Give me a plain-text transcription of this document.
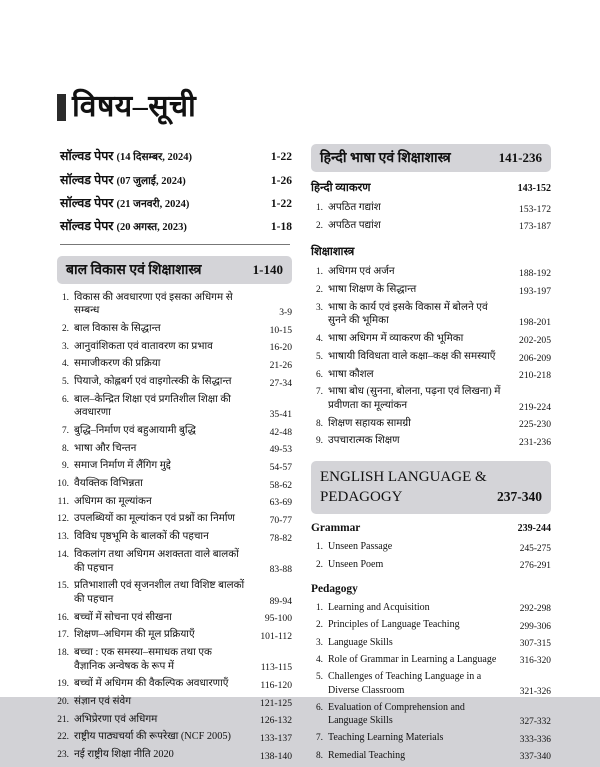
विषय–सूची
सॉल्वड पेपर (14 दिसम्बर, 2024)	1-22
सॉल्वड पेपर (07 जुलाई, 2024)	1-26
सॉल्वड पेपर (21 जनवरी, 2024)	1-22
सॉल्वड पेपर (20 अगस्त, 2023)	1-18
बाल विकास एवं शिक्षाशास्त्र	1-140
1. विकास की अवधारणा एवं इसका अधिगम से सम्बन्ध	3-9
2. बाल विकास के सिद्धान्त	10-15
3. आनुवांशिकता एवं वातावरण का प्रभाव	16-20
4. समाजीकरण की प्रक्रिया	21-26
5. पियाजे, कोह्लबर्ग एवं वाइगोत्स्की के सिद्धान्त	27-34
6. बाल–केन्द्रित शिक्षा एवं प्रगतिशील शिक्षा की अवधारणा	35-41
7. बुद्धि–निर्माण एवं बहुआयामी बुद्धि	42-48
8. भाषा और चिन्तन	49-53
9. समाज निर्माण में लैंगिग मुद्दे	54-57
10. वैयक्तिक विभिन्नता	58-62
11. अधिगम का मूल्यांकन	63-69
12. उपलब्धियों का मूल्यांकन एवं प्रश्नों का निर्माण	70-77
13. विविध पृष्ठभूमि के बालकों की पहचान	78-82
14. विकलांग तथा अधिगम अशक्तता वाले बालकों की पहचान	83-88
15. प्रतिभाशाली एवं सृजनशील तथा विशिष्ट बालकों की पहचान	89-94
16. बच्चों में सोचना एवं सीखना	95-100
17. शिक्षण–अधिगम की मूल प्रक्रियाएँ	101-112
18. बच्चा : एक समस्या–समाधक तथा एक वैज्ञानिक अन्वेषक के रूप में	113-115
19. बच्चों में अधिगम की वैकल्पिक अवधारणाएँ	116-120
20. संज्ञान एवं संवेग	121-125
21. अभिप्रेरणा एवं अधिगम	126-132
22. राष्ट्रीय पाठ्यचर्या की रूपरेखा (NCF 2005)	133-137
23. नई राष्ट्रीय शिक्षा नीति 2020	138-140
हिन्दी भाषा एवं शिक्षाशास्त्र	141-236
हिन्दी व्याकरण	143-152
1. अपठित गद्यांश	153-172
2. अपठित पद्यांश	173-187
शिक्षाशास्त्र
1. अधिगम एवं अर्जन	188-192
2. भाषा शिक्षण के सिद्धान्त	193-197
3. भाषा के कार्य एवं इसके विकास में बोलने एवं सुनने की भूमिका	198-201
4. भाषा अधिगम में व्याकरण की भूमिका	202-205
5. भाषायी विविधता वाले कक्षा–कक्ष की समस्याएँ	206-209
6. भाषा कौशल	210-218
7. भाषा बोध (सुनना, बोलना, पढ़ना एवं लिखना) में प्रवीणता का मूल्यांकन	219-224
8. शिक्षण सहायक सामग्री	225-230
9. उपचारात्मक शिक्षण	231-236
ENGLISH LANGUAGE &
PEDAGOGY	237-340
Grammar	239-244
1. Unseen Passage	245-275
2. Unseen Poem	276-291
Pedagogy
1. Learning and Acquisition	292-298
2. Principles of Language Teaching	299-306
3. Language Skills	307-315
4. Role of Grammar in Learning a Language	316-320
5. Challenges of Teaching Language in a Diverse Classroom	321-326
6. Evaluation of Comprehension and Language Skills	327-332
7. Teaching Learning Materials	333-336
8. Remedial Teaching	337-340
